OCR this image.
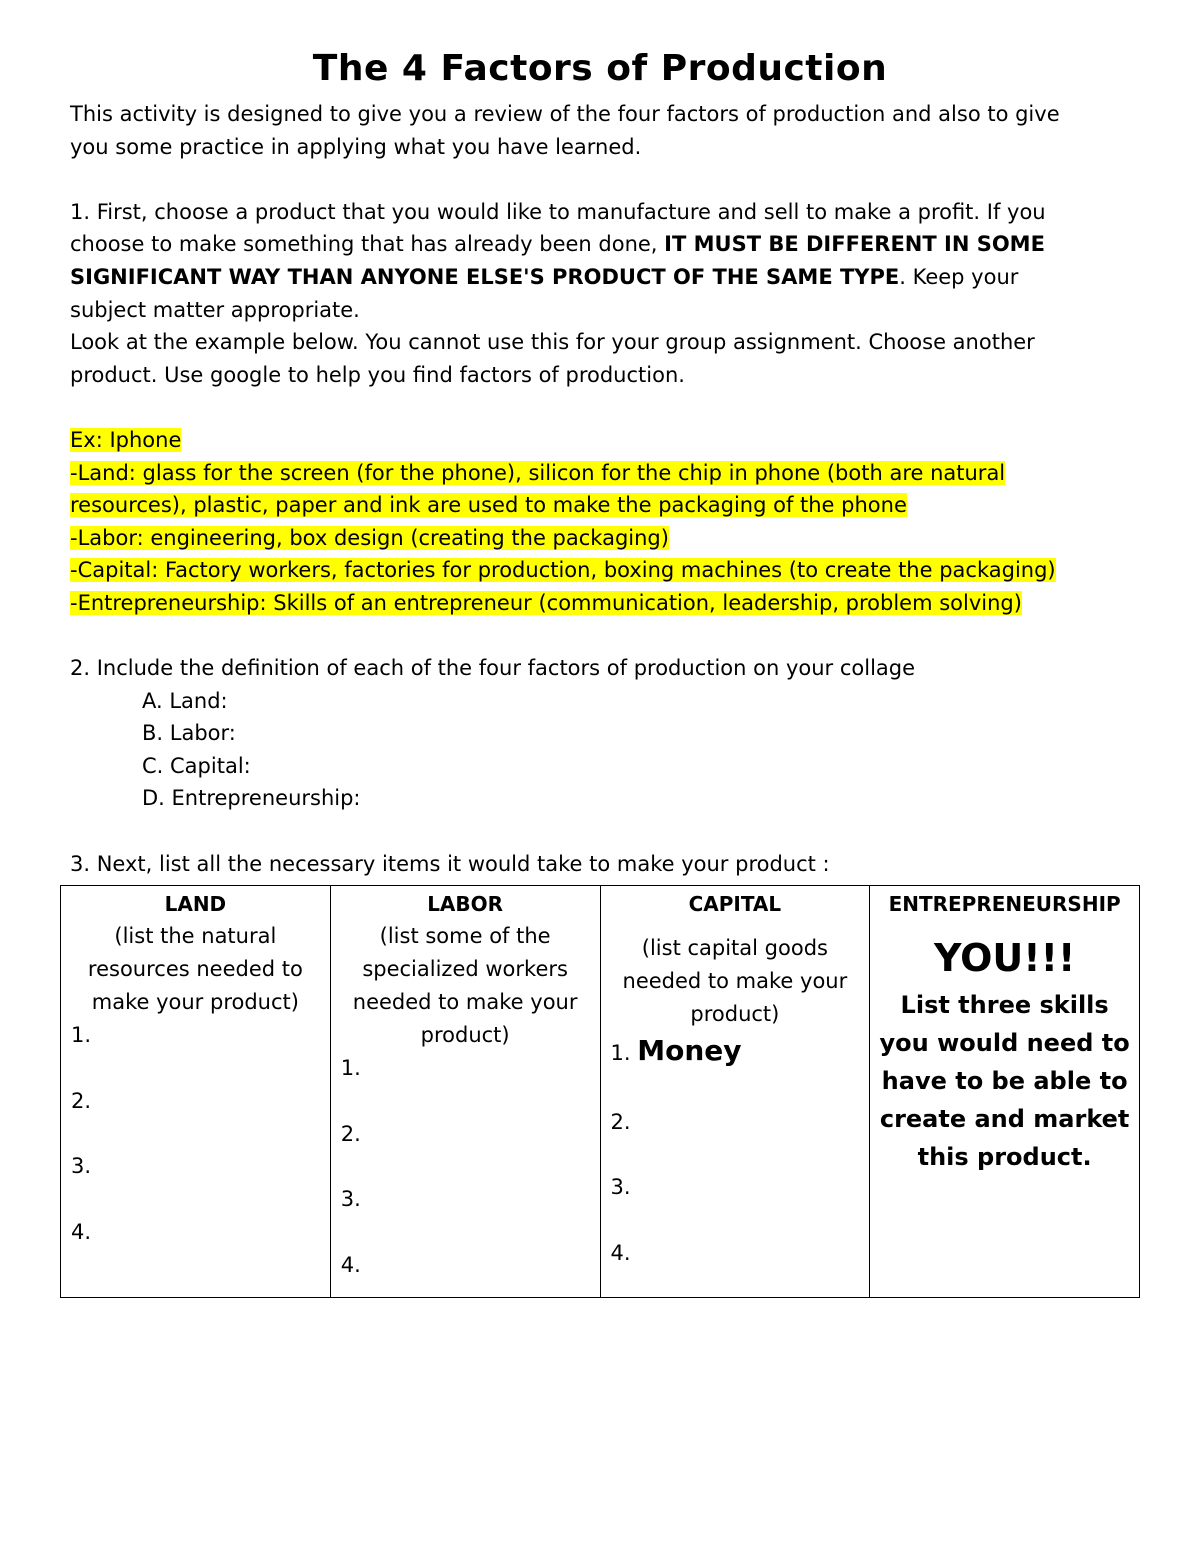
The 4 Factors of Production
This activity is designed to give you a review of the four factors of production and also to give
you some practice in applying what you have learned.
1. First, choose a product that you would like to manufacture and sell to make a profit. If you
choose to make something that has already been done, IT MUST BE DIFFERENT IN SOME
SIGNIFICANT WAY THAN ANYONE ELSE'S PRODUCT OF THE SAME TYPE. Keep your
subject matter appropriate.
Look at the example below. You cannot use this for your group assignment. Choose another
product. Use google to help you find factors of production.
Ex: Iphone
-Land: glass for the screen (for the phone), silicon for the chip in phone (both are natural
resources), plastic, paper and ink are used to make the packaging of the phone
-Labor: engineering, box design (creating the packaging)
-Capital: Factory workers, factories for production, boxing machines (to create the packaging)
-Entrepreneurship: Skills of an entrepreneur (communication, leadership, problem solving)
2. Include the definition of each of the four factors of production on your collage
A. Land:
B. Labor:
C. Capital:
D. Entrepreneurship:
3. Next, list all the necessary items it would take to make your product :
LAND
(list the natural
resources needed to
make your product)
1.
2.
3.
4.

LABOR
(list some of the
specialized workers
needed to make your
product)
1.
2.
3.
4.

CAPITAL
(list capital goods
needed to make your
product)
1. Money
2.
3.
4.

ENTREPRENEURSHIP
YOU!!!
List three skills
you would need to
have to be able to
create and market
this product.
